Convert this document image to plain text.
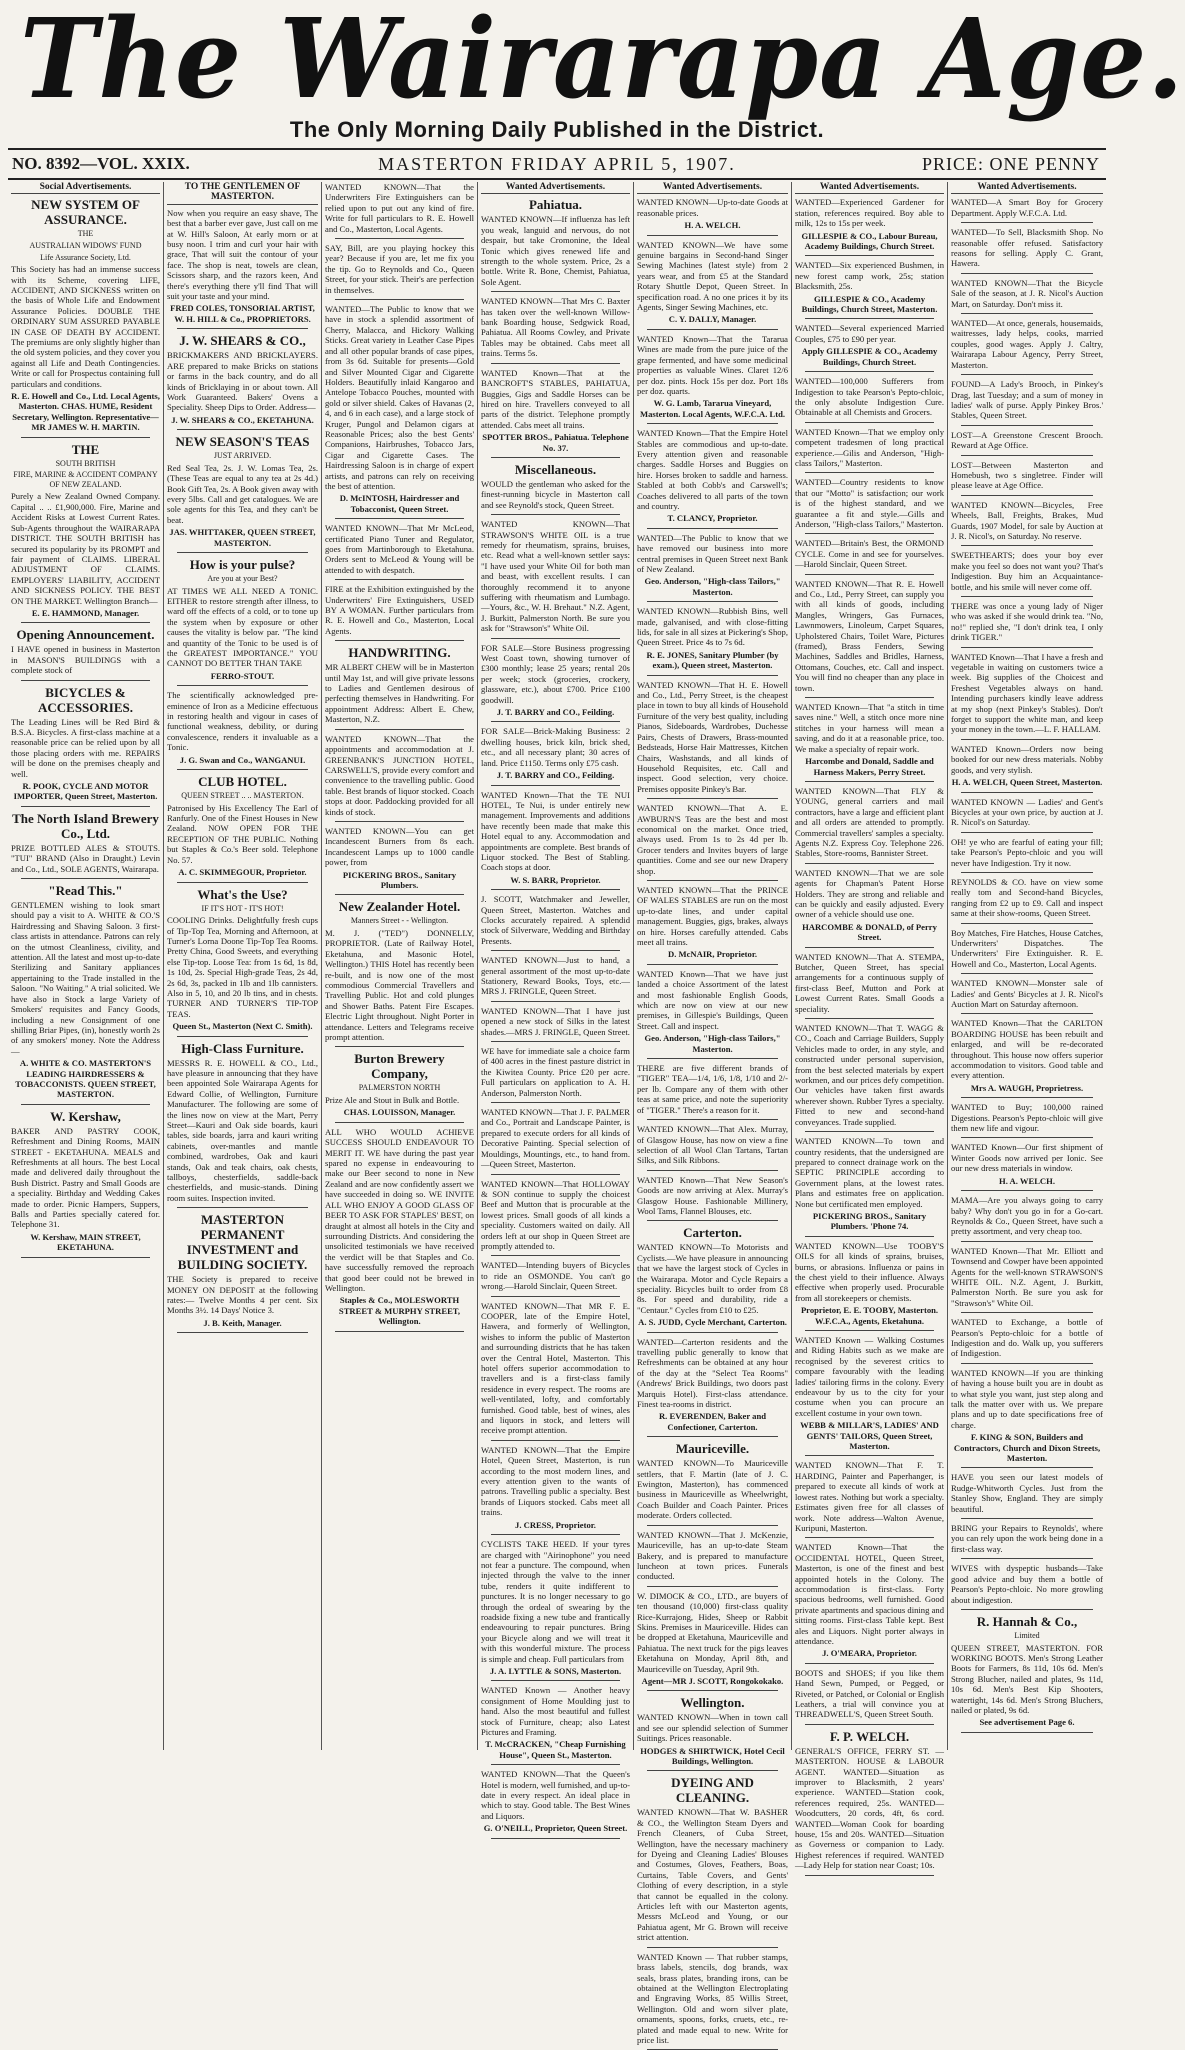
The Wairarapa Age.
The Only Morning Daily Published in the District.
NO. 8392—VOL. XXIX.	MASTERTON FRIDAY APRIL 5, 1907.	PRICE: ONE PENNY
Social Advertisements.

NEW SYSTEM OF ASSURANCE.

THE

AUSTRALIAN WIDOWS' FUND

Life Assurance Society, Ltd.

This Society has had an immense success with its Scheme, covering LIFE, ACCIDENT, AND SICKNESS written on the basis of Whole Life and Endowment Assurance Policies. DOUBLE THE ORDINARY SUM ASSURED PAYABLE IN CASE OF DEATH BY ACCIDENT. The premiums are only slightly higher than the old system policies, and they cover you against all Life and Death Contingencies. Write or call for Prospectus containing full particulars and conditions.

R. E. Howell and Co., Ltd. Local Agents, Masterton. CHAS. HUME, Resident Secretary, Wellington. Representative—MR JAMES W. H. MARTIN.

THE

SOUTH BRITISH

FIRE, MARINE & ACCIDENT COMPANY OF NEW ZEALAND.

Purely a New Zealand Owned Company. Capital .. .. £1,900,000. Fire, Marine and Accident Risks at Lowest Current Rates. Sub-Agents throughout the WAIRARAPA DISTRICT. THE SOUTH BRITISH has secured its popularity by its PROMPT and fair payment of CLAIMS. LIBERAL ADJUSTMENT OF CLAIMS. EMPLOYERS' LIABILITY, ACCIDENT AND SICKNESS POLICY. THE BEST ON THE MARKET. Wellington Branch—

E. E. HAMMOND, Manager.

Opening Announcement.

I HAVE opened in business in Masterton in MASON'S BUILDINGS with a complete stock of

BICYCLES & ACCESSORIES.

The Leading Lines will be Red Bird & B.S.A. Bicycles. A first-class machine at a reasonable price can be relied upon by all those placing orders with me. REPAIRS will be done on the premises cheaply and well.

R. POOK, CYCLE AND MOTOR IMPORTER, Queen Street, Masterton.

The North Island Brewery Co., Ltd.

PRIZE BOTTLED ALES & STOUTS. "TUI" BRAND (Also in Draught.) Levin and Co., Ltd., SOLE AGENTS, Wairarapa.

"Read This."

GENTLEMEN wishing to look smart should pay a visit to A. WHITE & CO.'S Hairdressing and Shaving Saloon. 3 first-class artists in attendance. Patrons can rely on the utmost Cleanliness, civility, and attention. All the latest and most up-to-date Sterilizing and Sanitary appliances appertaining to the Trade installed in the Saloon. "No Waiting." A trial solicited. We have also in Stock a large Variety of Smokers' requisites and Fancy Goods, including a new Consignment of one shilling Briar Pipes, (in), honestly worth 2s of any smokers' money. Note the Address—

A. WHITE & CO. MASTERTON'S LEADING HAIRDRESSERS & TOBACCONISTS. QUEEN STREET, MASTERTON.

W. Kershaw,

BAKER AND PASTRY COOK, Refreshment and Dining Rooms, MAIN STREET - EKETAHUNA. MEALS and Refreshments at all hours. The best Local made and delivered daily throughout the Bush District. Pastry and Small Goods are a speciality. Birthday and Wedding Cakes made to order. Picnic Hampers, Suppers, Balls and Parties specially catered for. Telephone 31.

W. Kershaw, MAIN STREET, EKETAHUNA.

TO THE GENTLEMEN OF MASTERTON.

Now when you require an easy shave, The best that a barber ever gave, Just call on me at W. Hill's Saloon, At early morn or at busy noon. I trim and curl your hair with grace, That will suit the contour of your face. The shop is neat, towels are clean, Scissors sharp, and the razors keen, And there's everything there y'll find That will suit your taste and your mind.

FRED COLES, TONSORIAL ARTIST, W. H. HILL & Co., PROPRIETORS.

J. W. SHEARS & CO.,

BRICKMAKERS AND BRICKLAYERS. ARE prepared to make Bricks on stations or farms in the back country, and do all kinds of Bricklaying in or about town. All Work Guaranteed. Bakers' Ovens a Speciality. Sheep Dips to Order. Address—

J. W. SHEARS & CO., EKETAHUNA.

NEW SEASON'S TEAS

JUST ARRIVED.

Red Seal Tea, 2s. J. W. Lomas Tea, 2s. (These Teas are equal to any tea at 2s 4d.) Book Gift Tea, 2s. A Book given away with every 5lbs. Call and get catalogues. We are sole agents for this Tea, and they can't be beat.

JAS. WHITTAKER, QUEEN STREET, MASTERTON.

How is your pulse?

Are you at your Best?

AT TIMES WE ALL NEED A TONIC. EITHER to restore strength after illness, to ward off the effects of a cold, or to tone up the system when by exposure or other causes the vitality is below par. "The kind and quantity of the Tonic to be used is of the GREATEST IMPORTANCE." YOU CANNOT DO BETTER THAN TAKE

FERRO-STOUT.

The scientifically acknowledged pre-eminence of Iron as a Medicine effectuous in restoring health and vigour in cases of functional weakness, debility, or during convalescence, renders it invaluable as a Tonic.

J. G. Swan and Co., WANGANUI.

CLUB HOTEL.

QUEEN STREET .. .. MASTERTON.

Patronised by His Excellency The Earl of Ranfurly. One of the Finest Houses in New Zealand. NOW OPEN FOR THE RECEPTION OF THE PUBLIC. Nothing but Staples & Co.'s Beer sold. Telephone No. 57.

A. C. SKIMMEGOUR, Proprietor.

What's the Use?

IF IT'S HOT - IT'S HOT!

COOLING Drinks. Delightfully fresh cups of Tip-Top Tea, Morning and Afternoon, at Turner's Lorna Doone Tip-Top Tea Rooms. Pretty China, Good Sweets, and everything else Tip-top. Loose Tea: from 1s 6d, 1s 8d, 1s 10d, 2s. Special High-grade Teas, 2s 4d, 2s 6d, 3s, packed in 1lb and 1lb cannisters. Also in 5, 10, and 20 lb tins, and in chests. TURNER AND TURNER'S TIP-TOP TEAS.

Queen St., Masterton (Next C. Smith).

High-Class Furniture.

MESSRS R. E. HOWELL & CO., Ltd., have pleasure in announcing that they have been appointed Sole Wairarapa Agents for Edward Collie, of Wellington, Furniture Manufacturer. The following are some of the lines now on view at the Mart, Perry Street—Kauri and Oak side boards, kauri tables, side boards, jarra and kauri writing cabinets, over-mantles and mantle combined, wardrobes, Oak and kauri stands, Oak and teak chairs, oak chests, tallboys, chesterfields, saddle-back chesterfields, and music-stands. Dining room suites. Inspection invited.

MASTERTON PERMANENT INVESTMENT and BUILDING SOCIETY.

THE Society is prepared to receive MONEY ON DEPOSIT at the following rates:— Twelve Months 4 per cent. Six Months 3½. 14 Days' Notice 3.

J. B. Keith, Manager.

WANTED KNOWN—That the Underwriters Fire Extinguishers can be relied upon to put out any kind of fire. Write for full particulars to R. E. Howell and Co., Masterton, Local Agents.

SAY, Bill, are you playing hockey this year? Because if you are, let me fix you the tip. Go to Reynolds and Co., Queen Street, for your stick. Their's are perfection in themselves.

WANTED—The Public to know that we have in stock a splendid assortment of Cherry, Malacca, and Hickory Walking Sticks. Great variety in Leather Case Pipes and all other popular brands of case pipes, from 3s 6d. Suitable for presents—Gold and Silver Mounted Cigar and Cigarette Holders. Beautifully inlaid Kangaroo and Antelope Tobacco Pouches, mounted with gold or silver shield. Cakes of Havanas (2, 4, and 6 in each case), and a large stock of Kruger, Pungol and Delamon cigars at Reasonable Prices; also the best Gents' Companions, Hairbrushes, Tobacco Jars, Cigar and Cigarette Cases. The Hairdressing Saloon is in charge of expert artists, and patrons can rely on receiving the best of attention.

D. McINTOSH, Hairdresser and Tobacconist, Queen Street.

WANTED KNOWN—That Mr McLeod, certificated Piano Tuner and Regulator, goes from Martinborough to Eketahuna. Orders sent to McLeod & Young will be attended to with despatch.

FIRE at the Exhibition extinguished by the Underwriters' Fire Extinguishers, USED BY A WOMAN. Further particulars from R. E. Howell and Co., Masterton, Local Agents.

HANDWRITING.

MR ALBERT CHEW will be in Masterton until May 1st, and will give private lessons to Ladies and Gentlemen desirous of perfecting themselves in Handwriting. For appointment Address: Albert E. Chew, Masterton, N.Z.

WANTED KNOWN—That the appointments and accommodation at J. GREENBANK'S JUNCTION HOTEL, CARSWELL'S, provide every comfort and convenience to the travelling public. Good table. Best brands of liquor stocked. Coach stops at door. Paddocking provided for all kinds of stock.

WANTED KNOWN—You can get Incandescent Burners from 8s each. Incandescent Lamps up to 1000 candle power, from

PICKERING BROS., Sanitary Plumbers.

New Zealander Hotel.

Manners Street - - Wellington.

M. J. ("TED") DONNELLY, PROPRIETOR. (Late of Railway Hotel, Eketahuna, and Masonic Hotel, Wellington.) THIS Hotel has recently been re-built, and is now one of the most commodious Commercial Travellers and Travelling Public. Hot and cold plunges and Shower Baths. Patent Fire Escapes. Electric Light throughout. Night Porter in attendance. Letters and Telegrams receive prompt attention.

Burton Brewery Company,

PALMERSTON NORTH

Prize Ale and Stout in Bulk and Bottle.

CHAS. LOUISSON, Manager.

ALL WHO WOULD ACHIEVE SUCCESS SHOULD ENDEAVOUR TO MERIT IT. WE have during the past year spared no expense in endeavouring to make our Beer second to none in New Zealand and are now confidently assert we have succeeded in doing so. WE INVITE ALL WHO ENJOY A GOOD GLASS OF BEER TO ASK FOR STAPLES' BEST, on draught at almost all hotels in the City and surrounding Districts. And considering the unsolicited testimonials we have received the verdict will be that Staples and Co. have successfully removed the reproach that good beer could not be brewed in Wellington.

Staples & Co., MOLESWORTH STREET & MURPHY STREET, Wellington.

Wanted Advertisements.

Pahiatua.

WANTED KNOWN—If influenza has left you weak, languid and nervous, do not despair, but take Cromonine, the Ideal Tonic which gives renewed life and strength to the whole system. Price, 2s a bottle. Write R. Bone, Chemist, Pahiatua, Sole Agent.

WANTED KNOWN—That Mrs C. Baxter has taken over the well-known Willow-bank Boarding house, Sedgwick Road, Pahiatua. All Rooms Cowley, and Private Tables may be obtained. Cabs meet all trains. Terms 5s.

WANTED Known—That at the BANCROFT'S STABLES, PAHIATUA, Buggies, Gigs and Saddle Horses can be hired on hire. Travellers conveyed to all parts of the district. Telephone promptly attended. Cabs meet all trains.

SPOTTER BROS., Pahiatua. Telephone No. 37.

Miscellaneous.

WOULD the gentleman who asked for the finest-running bicycle in Masterton call and see Reynold's stock, Queen Street.

WANTED KNOWN—That STRAWSON'S WHITE OIL is a true remedy for rheumatism, sprains, bruises, etc. Read what a well-known settler says: "I have used your White Oil for both man and beast, with excellent results. I can thoroughly recommend it to anyone suffering with rheumatism and Lumbago.—Yours, &c., W. H. Brehaut." N.Z. Agent, J. Burkitt, Palmerston North. Be sure you ask for "Strawson's" White Oil.

FOR SALE—Store Business progressing West Coast town, showing turnover of £300 monthly; lease 25 years; rental 20s per week; stock (groceries, crockery, glassware, etc.), about £700. Price £100 goodwill.

J. T. BARRY and CO., Feilding.

FOR SALE—Brick-Making Business: 2 dwelling houses, brick kiln, brick shed, etc., and all necessary plant; 30 acres of land. Price £1150. Terms only £75 cash.

J. T. BARRY and CO., Feilding.

WANTED Known—That the TE NUI HOTEL, Te Nui, is under entirely new management. Improvements and additions have recently been made that make this Hotel equal to any. Accommodation and appointments are complete. Best brands of Liquor stocked. The Best of Stabling. Coach stops at door.

W. S. BARR, Proprietor.

J. SCOTT, Watchmaker and Jeweller, Queen Street, Masterton. Watches and Clocks accurately repaired. A splendid stock of Silverware, Wedding and Birthday Presents.

WANTED KNOWN—Just to hand, a general assortment of the most up-to-date Stationery, Reward Books, Toys, etc.—MRS J. FRINGLE, Queen Street.

WANTED KNOWN—That I have just opened a new stock of Silks in the latest shades.—MRS J. FRINGLE, Queen Street.

WE have for immediate sale a choice farm of 400 acres in the finest pasture district in the Kiwitea County. Price £20 per acre. Full particulars on application to A. H. Anderson, Palmerston North.

WANTED KNOWN—That J. F. PALMER and Co., Portrait and Landscape Painter, is prepared to execute orders for all kinds of Decorative Painting. Special selection of Mouldings, Mountings, etc., to hand from.—Queen Street, Masterton.

WANTED KNOWN—That HOLLOWAY & SON continue to supply the choicest Beef and Mutton that is procurable at the lowest prices. Small goods of all kinds a speciality. Customers waited on daily. All orders left at our shop in Queen Street are promptly attended to.

WANTED—Intending buyers of Bicycles to ride an OSMONDE. You can't go wrong.—Harold Sinclair, Queen Street.

WANTED KNOWN—That MR F. E. COOPER, late of the Empire Hotel, Hawera, and formerly of Wellington, wishes to inform the public of Masterton and surrounding districts that he has taken over the Central Hotel, Masterton. This hotel offers superior accommodation to travellers and is a first-class family residence in every respect. The rooms are well-ventilated, lofty, and comfortably furnished. Good table, best of wines, ales and liquors in stock, and letters will receive prompt attention.

WANTED KNOWN—That the Empire Hotel, Queen Street, Masterton, is run according to the most modern lines, and every attention given to the wants of patrons. Travelling public a specialty. Best brands of Liquors stocked. Cabs meet all trains.

J. CRESS, Proprietor.

CYCLISTS TAKE HEED. If your tyres are charged with "Airinophone" you need not fear a puncture. The compound, when injected through the valve to the inner tube, renders it quite indifferent to punctures. It is no longer necessary to go through the ordeal of swearing by the roadside fixing a new tube and frantically endeavouring to repair punctures. Bring your Bicycle along and we will treat it with this wonderful mixture. The process is simple and cheap. Full particulars from

J. A. LYTTLE & SONS, Masterton.

WANTED Known — Another heavy consignment of Home Moulding just to hand. Also the most beautiful and fullest stock of Furniture, cheap; also Latest Pictures and Framing.

T. McCRACKEN, "Cheap Furnishing House", Queen St., Masterton.

WANTED KNOWN—That the Queen's Hotel is modern, well furnished, and up-to-date in every respect. An ideal place in which to stay. Good table. The Best Wines and Liquors.

G. O'NEILL, Proprietor, Queen Street.

Wanted Advertisements.

WANTED KNOWN—Up-to-date Goods at reasonable prices.

H. A. WELCH.

WANTED KNOWN—We have some genuine bargains in Second-hand Singer Sewing Machines (latest style) from 2 years wear, and from £5 at the Standard Rotary Shuttle Depot, Queen Street. In specification road. A no one prices it by its Agents, Singer Sewing Machines, etc.

C. Y. DALLY, Manager.

WANTED Known—That the Tararua Wines are made from the pure juice of the grape fermented, and have some medicinal properties as valuable Wines. Claret 12/6 per doz. pints. Hock 15s per doz. Port 18s per doz. quarts.

W. G. Lamb, Tararua Vineyard, Masterton. Local Agents, W.F.C.A. Ltd.

WANTED Known—That the Empire Hotel Stables are commodious and up-to-date. Every attention given and reasonable charges. Saddle Horses and Buggies on hire. Horses broken to saddle and harness. Stabled at both Cobb's and Carswell's; Coaches delivered to all parts of the town and country.

T. CLANCY, Proprietor.

WANTED—The Public to know that we have removed our business into more central premises in Queen Street next Bank of New Zealand.

Geo. Anderson, "High-class Tailors," Masterton.

WANTED KNOWN—Rubbish Bins, well made, galvanised, and with close-fitting lids, for sale in all sizes at Pickering's Shop, Queen Street. Price 4s to 7s 6d.

R. E. JONES, Sanitary Plumber (by exam.), Queen street, Masterton.

WANTED KNOWN—That H. E. Howell and Co., Ltd., Perry Street, is the cheapest place in town to buy all kinds of Household Furniture of the very best quality, including Pianos, Sideboards, Wardrobes, Duchesse Pairs, Chests of Drawers, Brass-mounted Bedsteads, Horse Hair Mattresses, Kitchen Chairs, Washstands, and all kinds of Household Requisites, etc. Call and inspect. Good selection, very choice. Premises opposite Pinkey's Bar.

WANTED KNOWN—That A. E. AWBURN'S Teas are the best and most economical on the market. Once tried, always used. From 1s to 2s 4d per lb. Grocer tenders and Invites buyers of large quantities. Come and see our new Drapery shop.

WANTED KNOWN—That the PRINCE OF WALES STABLES are run on the most up-to-date lines, and under capital management. Buggies, gigs, brakes, always on hire. Horses carefully attended. Cabs meet all trains.

D. McNAIR, Proprietor.

WANTED Known—That we have just landed a choice Assortment of the latest and most fashionable English Goods, which are now on view at our new premises, in Gillespie's Buildings, Queen Street. Call and inspect.

Geo. Anderson, "High-class Tailors," Masterton.

THERE are five different brands of "TIGER" TEA—1/4, 1/6, 1/8, 1/10 and 2/- per lb. Compare any of them with other teas at same price, and note the superiority of "TIGER." There's a reason for it.

WANTED KNOWN—That Alex. Murray, of Glasgow House, has now on view a fine selection of all Wool Clan Tartans, Tartan Silks, and Silk Ribbons.

WANTED Known—That New Season's Goods are now arriving at Alex. Murray's Glasgow House. Fashionable Millinery, Wool Tams, Flannel Blouses, etc.

Carterton.

WANTED KNOWN—To Motorists and Cyclists.—We have pleasure in announcing that we have the largest stock of Cycles in the Wairarapa. Motor and Cycle Repairs a speciality. Bicycles built to order from £8 8s. For speed and durability, ride a "Centaur." Cycles from £10 to £25.

A. S. JUDD, Cycle Merchant, Carterton.

WANTED—Carterton residents and the travelling public generally to know that Refreshments can be obtained at any hour of the day at the "Select Tea Rooms" (Andrews' Brick Buildings, two doors past Marquis Hotel). First-class attendance. Finest tea-rooms in district.

R. EVERENDEN, Baker and Confectioner, Carterton.

Mauriceville.

WANTED KNOWN—To Mauriceville settlers, that F. Martin (late of J. C. Ewington, Masterton), has commenced business in Mauriceville as Wheelwright, Coach Builder and Coach Painter. Prices moderate. Orders collected.

WANTED KNOWN—That J. McKenzie, Mauriceville, has an up-to-date Steam Bakery, and is prepared to manufacture luncheon at town prices. Funerals conducted.

W. DIMOCK & CO., LTD., are buyers of ten thousand (10,000) first-class quality Rice-Kurrajong, Hides, Sheep or Rabbit Skins. Premises in Mauriceville. Hides can be dropped at Eketahuna, Mauriceville and Pahiatua. The next truck for the pigs leaves Eketahuna on Monday, April 8th, and Mauriceville on Tuesday, April 9th.

Agent—MR J. SCOTT, Rongokokako.

Wellington.

WANTED KNOWN—When in town call and see our splendid selection of Summer Suitings. Prices reasonable.

HODGES & SHIRTWICK, Hotel Cecil Buildings, Wellington.

DYEING AND CLEANING.

WANTED KNOWN—That W. BASHER & CO., the Wellington Steam Dyers and French Cleaners, of Cuba Street, Wellington, have the necessary machinery for Dyeing and Cleaning Ladies' Blouses and Costumes, Gloves, Feathers, Boas, Curtains, Table Covers, and Gents' Clothing of every description, in a style that cannot be equalled in the colony. Articles left with our Masterton agents, Messrs McLeod and Young, or our Pahiatua agent, Mr G. Brown will receive strict attention.

WANTED Known — That rubber stamps, brass labels, stencils, dog brands, wax seals, brass plates, branding irons, can be obtained at the Wellington Electroplating and Engraving Works, 85 Willis Street, Wellington. Old and worn silver plate, ornaments, spoons, forks, cruets, etc., re-plated and made equal to new. Write for price list.

Wanted Advertisements.

WANTED—Experienced Gardener for station, references required. Boy able to milk, 12s to 15s per week.

GILLESPIE & CO., Labour Bureau, Academy Buildings, Church Street.

WANTED—Six experienced Bushmen, in new forest camp work, 25s; station Blacksmith, 25s.

GILLESPIE & CO., Academy Buildings, Church Street, Masterton.

WANTED—Several experienced Married Couples, £75 to £90 per year.

Apply GILLESPIE & CO., Academy Buildings, Church Street.

WANTED—100,000 Sufferers from Indigestion to take Pearson's Pepto-chloic, the only absolute Indigestion Cure. Obtainable at all Chemists and Grocers.

WANTED Known—That we employ only competent tradesmen of long practical experience.—Gilis and Anderson, "High-class Tailors," Masterton.

WANTED—Country residents to know that our "Motto" is satisfaction; our work is of the highest standard, and we guarantee a fit and style.—Gills and Anderson, "High-class Tailors," Masterton.

WANTED—Britain's Best, the ORMOND CYCLE. Come in and see for yourselves.—Harold Sinclair, Queen Street.

WANTED KNOWN—That R. E. Howell and Co., Ltd., Perry Street, can supply you with all kinds of goods, including Mangles, Wringers, Gas Furnaces, Lawnmowers, Linoleum, Carpet Squares, Upholstered Chairs, Toilet Ware, Pictures (framed), Brass Fenders, Sewing Machines, Saddles and Bridles, Harness, Ottomans, Couches, etc. Call and inspect. You will find no cheaper than any place in town.

WANTED Known—That "a stitch in time saves nine." Well, a stitch once more nine stitches in your harness will mean a saving, and do it at a reasonable price, too. We make a specialty of repair work.

Harcombe and Donald, Saddle and Harness Makers, Perry Street.

WANTED KNOWN—That FLY & YOUNG, general carriers and mail contractors, have a large and efficient plant and all orders are attended to promptly. Commercial travellers' samples a specialty. Agents N.Z. Express Coy. Telephone 226. Stables, Store-rooms, Bannister Street.

WANTED KNOWN—That we are sole agents for Chapman's Patent Horse Holders. They are strong and reliable and can be quickly and easily adjusted. Every owner of a vehicle should use one.

HARCOMBE & DONALD, of Perry Street.

WANTED KNOWN—That A. STEMPA, Butcher, Queen Street, has special arrangements for a continuous supply of first-class Beef, Mutton and Pork at Lowest Current Rates. Small Goods a speciality.

WANTED KNOWN—That T. WAGG & CO., Coach and Carriage Builders, Supply Vehicles made to order, in any style, and constructed under personal supervision, from the best selected materials by expert workmen, and our prices defy competition. Our vehicles have taken first awards wherever shown. Rubber Tyres a specialty. Fitted to new and second-hand conveyances. Trade supplied.

WANTED KNOWN—To town and country residents, that the undersigned are prepared to connect drainage work on the SEPTIC PRINCIPLE according to Government plans, at the lowest rates. Plans and estimates free on application. None but certificated men employed.

PICKERING BROS., Sanitary Plumbers. 'Phone 74.

WANTED KNOWN—Use TOOBY'S OILS for all kinds of sprains, bruises, burns, or abrasions. Influenza or pains in the chest yield to their influence. Always effective when properly used. Procurable from all storekeepers or chemists.

Proprietor, E. E. TOOBY, Masterton. W.F.C.A., Agents, Eketahuna.

WANTED Known — Walking Costumes and Riding Habits such as we make are recognised by the severest critics to compare favourably with the leading ladies' tailoring firms in the colony. Every endeavour by us to the city for your costume when you can procure an excellent costume in your own town.

WEBB & MILLAR'S, LADIES' AND GENTS' TAILORS, Queen Street, Masterton.

WANTED KNOWN—That F. T. HARDING, Painter and Paperhanger, is prepared to execute all kinds of work at lowest rates. Nothing but work a specialty. Estimates given free for all classes of work. Note address—Walton Avenue, Kuripuni, Masterton.

WANTED Known—That the OCCIDENTAL HOTEL, Queen Street, Masterton, is one of the finest and best appointed hotels in the Colony. The accommodation is first-class. Forty spacious bedrooms, well furnished. Good private apartments and spacious dining and sitting rooms. First-class Table kept. Best ales and Liquors. Night porter always in attendance.

J. O'MEARA, Proprietor.

BOOTS and SHOES; if you like them Hand Sewn, Pumped, or Pegged, or Riveted, or Patched, or Colonial or English Leathers, a trial will convince you at THREADWELL'S, Queen Street South.

F. P. WELCH.

GENERAL'S OFFICE, FERRY ST. — MASTERTON. HOUSE & LABOUR AGENT. WANTED—Situation as improver to Blacksmith, 2 years' experience. WANTED—Station cook, references required, 25s. WANTED—Woodcutters, 20 cords, 4ft, 6s cord. WANTED—Woman Cook for boarding house, 15s and 20s. WANTED—Situation as Governess or companion to Lady. Highest references if required. WANTED—Lady Help for station near Coast; 10s.

Wanted Advertisements.

WANTED—A Smart Boy for Grocery Department. Apply W.F.C.A. Ltd.

WANTED—To Sell, Blacksmith Shop. No reasonable offer refused. Satisfactory reasons for selling. Apply C. Grant, Hawera.

WANTED KNOWN—That the Bicycle Sale of the season, at J. R. Nicol's Auction Mart, on Saturday. Don't miss it.

WANTED—At once, generals, housemaids, waitresses, lady helps, cooks, married couples, good wages. Apply J. Caltry, Wairarapa Labour Agency, Perry Street, Masterton.

FOUND—A Lady's Brooch, in Pinkey's Drag, last Tuesday; and a sum of money in ladies' walk of purse. Apply Pinkey Bros.' Stables, Queen Street.

LOST—A Greenstone Crescent Brooch. Reward at Age Office.

LOST—Between Masterton and Homebush, two s singletree. Finder will please leave at Age Office.

WANTED KNOWN—Bicycles, Free Wheels, Ball, Freights, Brakes, Mud Guards, 1907 Model, for sale by Auction at J. R. Nicol's, on Saturday. No reserve.

SWEETHEARTS; does your boy ever make you feel so does not want you? That's Indigestion. Buy him an Acquaintance-bottle, and his smile will never come off.

THERE was once a young lady of Niger who was asked if she would drink tea. "No, no!" replied she, "I don't drink tea, I only drink TIGER."

WANTED Known—That I have a fresh and vegetable in waiting on customers twice a week. Big supplies of the Choicest and Freshest Vegetables always on hand. Intending purchasers kindly leave address at my shop (next Pinkey's Stables). Don't forget to support the white man, and keep your money in the town.—L. F. HALLAM.

WANTED Known—Orders now being booked for our new dress materials. Nobby goods, and very stylish.

H. A. WELCH, Queen Street, Masterton.

WANTED KNOWN — Ladies' and Gent's Bicycles at your own price, by auction at J. R. Nicol's on Saturday.

OH! ye who are fearful of eating your fill; take Pearson's Pepto-chloic and you will never have Indigestion. Try it now.

REYNOLDS & CO. have on view some really tom and Second-hand Bicycles, ranging from £2 up to £9. Call and inspect same at their show-rooms, Queen Street.

Boy Matches, Fire Hatches, House Catches, Underwriters' Dispatches. The Underwriters' Fire Extinguisher. R. E. Howell and Co., Masterton, Local Agents.

WANTED KNOWN—Monster sale of Ladies' and Gents' Bicycles at J. R. Nicol's Auction Mart on Saturday afternoon.

WANTED Known—That the CARLTON BOARDING HOUSE has been rebuilt and enlarged, and will be re-decorated throughout. This house now offers superior accommodation to visitors. Good table and every attention.

Mrs A. WAUGH, Proprietress.

WANTED to Buy; 100,000 rained Digestions. Pearson's Pepto-chloic will give them new life and vigour.

WANTED Known—Our first shipment of Winter Goods now arrived per Ionic. See our new dress materials in window.

H. A. WELCH.

MAMA—Are you always going to carry baby? Why don't you go in for a Go-cart. Reynolds & Co., Queen Street, have such a pretty assortment, and very cheap too.

WANTED Known—That Mr. Elliott and Townsend and Cowper have been appointed Agents for the well-known STRAWSON'S WHITE OIL. N.Z. Agent, J. Burkitt, Palmerston North. Be sure you ask for "Strawson's" White Oil.

WANTED to Exchange, a bottle of Pearson's Pepto-chloic for a bottle of Indigestion and do. Walk up, you sufferers of Indigestion.

WANTED KNOWN—If you are thinking of having a house built you are in doubt as to what style you want, just step along and talk the matter over with us. We prepare plans and up to date specifications free of charge.

F. KING & SON, Builders and Contractors, Church and Dixon Streets, Masterton.

HAVE you seen our latest models of Rudge-Whitworth Cycles. Just from the Stanley Show, England. They are simply beautiful.

BRING your Repairs to Reynolds', where you can rely upon the work being done in a first-class way.

WIVES with dyspeptic husbands—Take good advice and buy them a bottle of Pearson's Pepto-chloic. No more growling about indigestion.

R. Hannah & Co.,

Limited

QUEEN STREET, MASTERTON. FOR WORKING BOOTS. Men's Strong Leather Boots for Farmers, 8s 11d, 10s 6d. Men's Strong Blucher, nailed and plates, 9s 11d, 10s 6d. Men's Best Kip Shooters, watertight, 14s 6d. Men's Strong Bluchers, nailed or plated, 9s 6d.

See advertisement Page 6.
